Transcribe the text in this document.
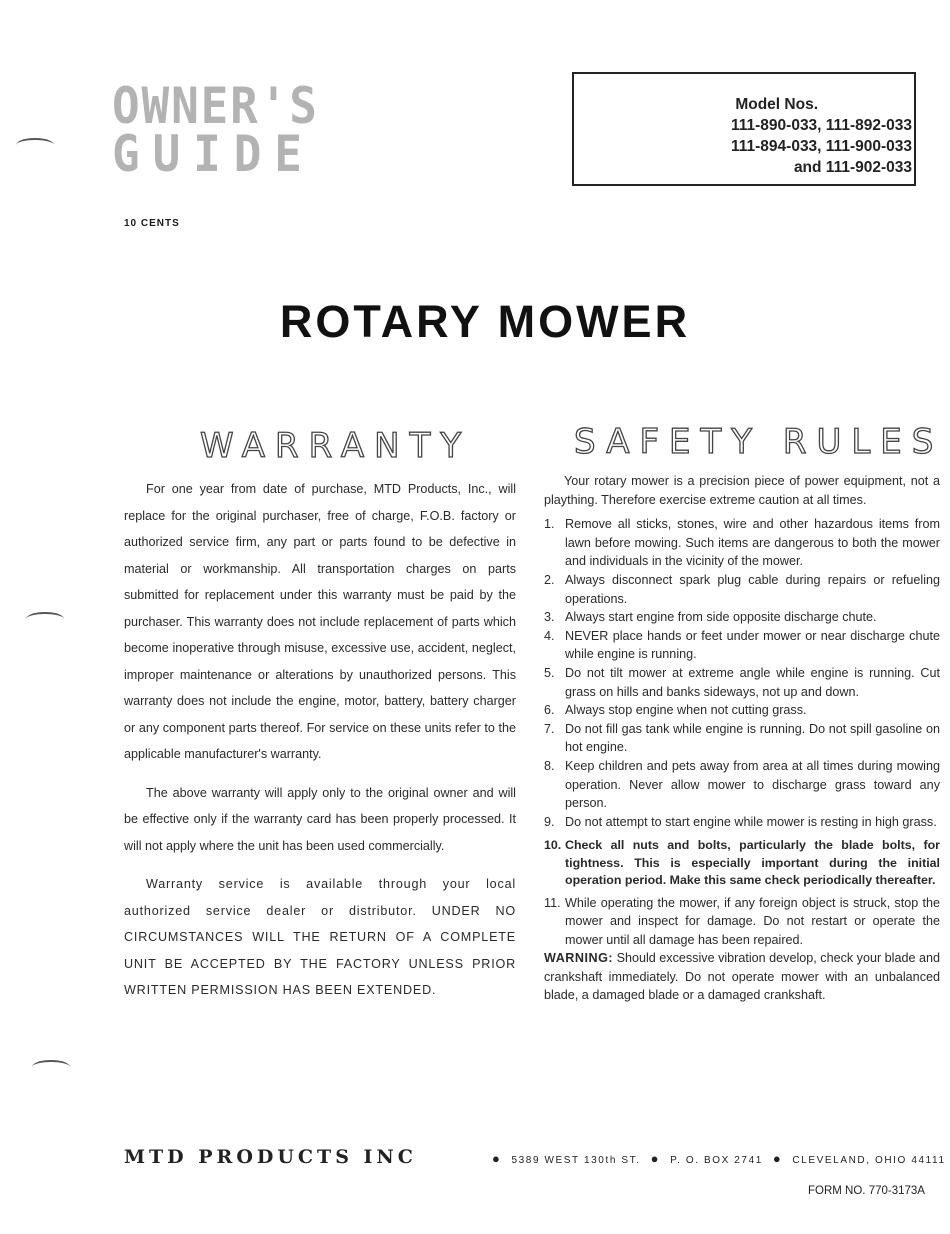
OWNER'S
GUIDE
Model Nos.
111-890-033, 111-892-033
111-894-033, 111-900-033
and 111-902-033
10 CENTS
ROTARY MOWER
WARRANTY

For one year from date of purchase, MTD Products, Inc., will replace for the original purchaser, free of charge, F.O.B. factory or authorized service firm, any part or parts found to be defective in material or workmanship. All transportation charges on parts submitted for replacement under this warranty must be paid by the purchaser. This warranty does not include replacement of parts which become inoperative through misuse, excessive use, accident, neglect, improper maintenance or alterations by unauthorized persons. This warranty does not include the engine, motor, battery, battery charger or any component parts thereof. For service on these units refer to the applicable manufacturer's warranty.

The above warranty will apply only to the original owner and will be effective only if the warranty card has been properly processed. It will not apply where the unit has been used commercially.

Warranty service is available through your local authorized service dealer or distributor. UNDER NO CIRCUMSTANCES WILL THE RETURN OF A COMPLETE UNIT BE ACCEPTED BY THE FACTORY UNLESS PRIOR WRITTEN PERMISSION HAS BEEN EXTENDED.

SAFETY RULES

Your rotary mower is a precision piece of power equipment, not a plaything. Therefore exercise extreme caution at all times.

1. Remove all sticks, stones, wire and other hazardous items from lawn before mowing. Such items are dangerous to both the mower and individuals in the vicinity of the mower.
2. Always disconnect spark plug cable during repairs or refueling operations.
3. Always start engine from side opposite discharge chute.
4. NEVER place hands or feet under mower or near discharge chute while engine is running.
5. Do not tilt mower at extreme angle while engine is running. Cut grass on hills and banks sideways, not up and down.
6. Always stop engine when not cutting grass.
7. Do not fill gas tank while engine is running. Do not spill gasoline on hot engine.
8. Keep children and pets away from area at all times during mowing operation. Never allow mower to discharge grass toward any person.
9. Do not attempt to start engine while mower is resting in high grass.
10. Check all nuts and bolts, particularly the blade bolts, for tightness. This is especially important during the initial operation period. Make this same check periodically thereafter.
11. While operating the mower, if any foreign object is struck, stop the mower and inspect for damage. Do not restart or operate the mower until all damage has been repaired.
WARNING: Should excessive vibration develop, check your blade and crankshaft immediately. Do not operate mower with an unbalanced blade, a damaged blade or a damaged crankshaft.
MTD PRODUCTS INC	● 5389 WEST 130th ST. ● P. O. BOX 2741 ● CLEVELAND, OHIO 44111
FORM NO. 770-3173A
